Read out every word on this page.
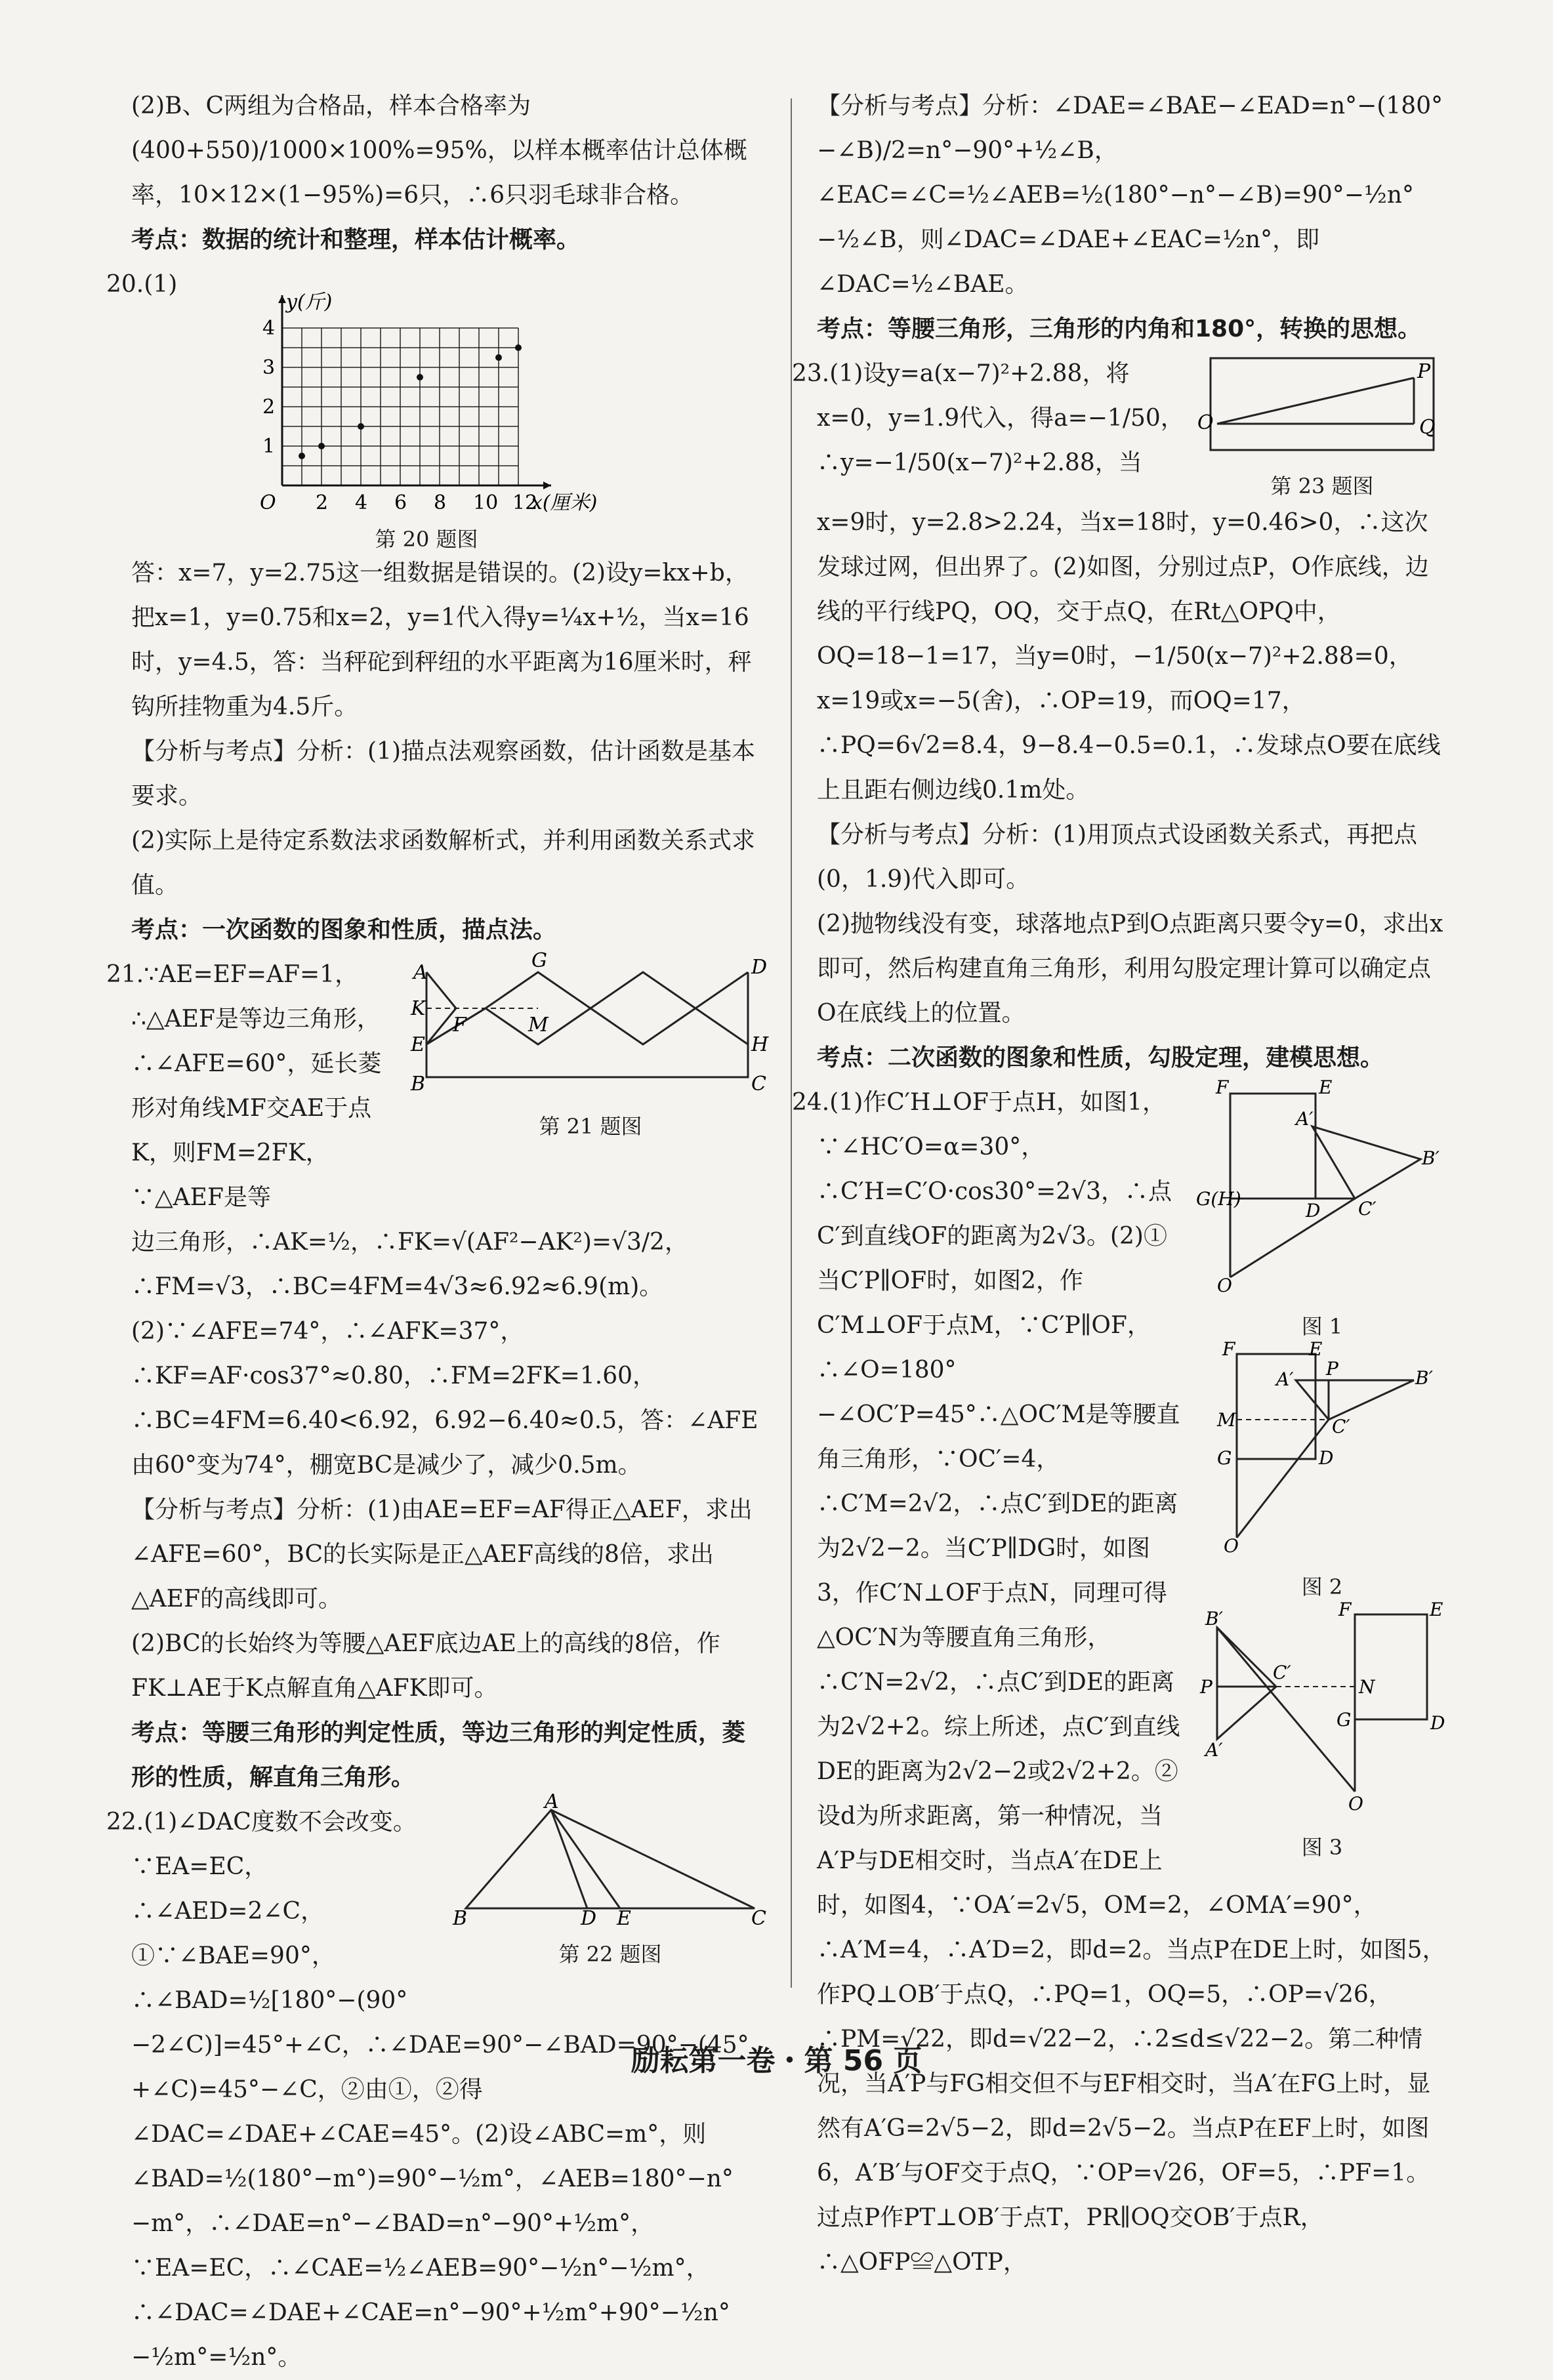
(2)B、C两组为合格品，样本合格率为(400+550)/1000×100%=95%，以样本概率估计总体概率，10×12×(1−95%)=6只，∴6只羽毛球非合格。

考点：数据的统计和整理，样本估计概率。

20.(1)
2 4 6 8 10 12
1
2
3
4
O
y(斤)
x(厘米)
第 20 题图

答：x=7，y=2.75这一组数据是错误的。(2)设y=kx+b，把x=1，y=0.75和x=2，y=1代入得y=¼x+½，当x=16时，y=4.5，答：当秤砣到秤纽的水平距离为16厘米时，秤钩所挂物重为4.5斤。

【分析与考点】分析：(1)描点法观察函数，估计函数是基本要求。

(2)实际上是待定系数法求函数解析式，并利用函数关系式求值。

考点：一次函数的图象和性质，描点法。

A
G	D
K
E
F	M
H
B	C
第 21 题图

21.∵AE=EF=AF=1，∴△AEF是等边三角形，∴∠AFE=60°，延长菱形对角线MF交AE于点K，则FM=2FK，∵△AEF是等

边三角形，∴AK=½，∴FK=√(AF²−AK²)=√3/2，∴FM=√3，∴BC=4FM=4√3≈6.92≈6.9(m)。(2)∵∠AFE=74°，∴∠AFK=37°，∴KF=AF·cos37°≈0.80，∴FM=2FK=1.60，∴BC=4FM=6.40<6.92，6.92−6.40≈0.5，答：∠AFE由60°变为74°，棚宽BC是减少了，减少0.5m。

【分析与考点】分析：(1)由AE=EF=AF得正△AEF，求出∠AFE=60°，BC的长实际是正△AEF高线的8倍，求出△AEF的高线即可。

(2)BC的长始终为等腰△AEF底边AE上的高线的8倍，作FK⊥AE于K点解直角△AFK即可。

考点：等腰三角形的判定性质，等边三角形的判定性质，菱形的性质，解直角三角形。

A
B	D E	C
第 22 题图

22.(1)∠DAC度数不会改变。∵EA=EC，∴∠AED=2∠C，①∵∠BAE=90°，∴∠BAD=½[180°−(90°

−2∠C)]=45°+∠C，∴∠DAE=90°−∠BAD=90°−(45°+∠C)=45°−∠C，②由①，②得∠DAC=∠DAE+∠CAE=45°。(2)设∠ABC=m°，则∠BAD=½(180°−m°)=90°−½m°，∠AEB=180°−n°−m°，∴∠DAE=n°−∠BAD=n°−90°+½m°，∵EA=EC，∴∠CAE=½∠AEB=90°−½n°−½m°，∴∠DAC=∠DAE+∠CAE=n°−90°+½m°+90°−½n°−½m°=½n°。

【分析与考点】分析：∠DAE=∠BAE−∠EAD=n°−(180°−∠B)/2=n°−90°+½∠B，∠EAC=∠C=½∠AEB=½(180°−n°−∠B)=90°−½n°−½∠B，则∠DAC=∠DAE+∠EAC=½n°，即∠DAC=½∠BAE。

考点：等腰三角形，三角形的内角和180°，转换的思想。

P
O	Q
第 23 题图

23.(1)设y=a(x−7)²+2.88，将x=0，y=1.9代入，得a=−1/50，∴y=−1/50(x−7)²+2.88，当

x=9时，y=2.8>2.24，当x=18时，y=0.46>0，∴这次发球过网，但出界了。(2)如图，分别过点P，O作底线，边线的平行线PQ，OQ，交于点Q，在Rt△OPQ中，OQ=18−1=17，当y=0时，−1/50(x−7)²+2.88=0，x=19或x=−5(舍)，∴OP=19，而OQ=17，∴PQ=6√2=8.4，9−8.4−0.5=0.1，∴发球点O要在底线上且距右侧边线0.1m处。

【分析与考点】分析：(1)用顶点式设函数关系式，再把点(0，1.9)代入即可。

(2)抛物线没有变，球落地点P到O点距离只要令y=0，求出x即可，然后构建直角三角形，利用勾股定理计算可以确定点O在底线上的位置。

考点：二次函数的图象和性质，勾股定理，建模思想。

F	E
A′
B′
G(H)
D C′
O
图 1
F	E
P
A′	B′
M	C′
G	D
O
图 2
B′	F	E
P
C′
N
G	D
A′
O
图 3

24.(1)作C′H⊥OF于点H，如图1，∵∠HC′O=α=30°，∴C′H=C′O·cos30°=2√3，∴点C′到直线OF的距离为2√3。(2)①当C′P∥OF时，如图2，作C′M⊥OF于点M，∵C′P∥OF，∴∠O=180°−∠OC′P=45°∴△OC′M是等腰直角三角形，∵OC′=4，∴C′M=2√2，∴点C′到DE的距离为2√2−2。当C′P∥DG时，如图3，作C′N⊥OF于点N，同理可得△OC′N为等腰直角三角形，∴C′N=2√2，∴点C′到DE的距离为2√2+2。综上所述，点C′到直线DE的距离为2√2−2或2√2+2。②设d为所求距离，第一种情况，当A′P与DE相交时，当点A′在DE上时，如图4，∵OA′=2√5，OM=2，∠OMA′=90°，∴A′M=4，∴A′D=2，即d=2。当点P在DE上时，如图5，作PQ⊥OB′于点Q，∴PQ=1，OQ=5，∴OP=√26，∴PM=√22，即d=√22−2，∴2≤d≤√22−2。第二种情况，当A′P与FG相交但不与EF相交时，当A′在FG上时，显然有A′G=2√5−2，即d=2√5−2。当点P在EF上时，如图6，A′B′与OF交于点Q，∵OP=√26，OF=5，∴PF=1。过点P作PT⊥OB′于点T，PR∥OQ交OB′于点R，∴△OFP≌△OTP，

励耘第一卷・第 56 页
